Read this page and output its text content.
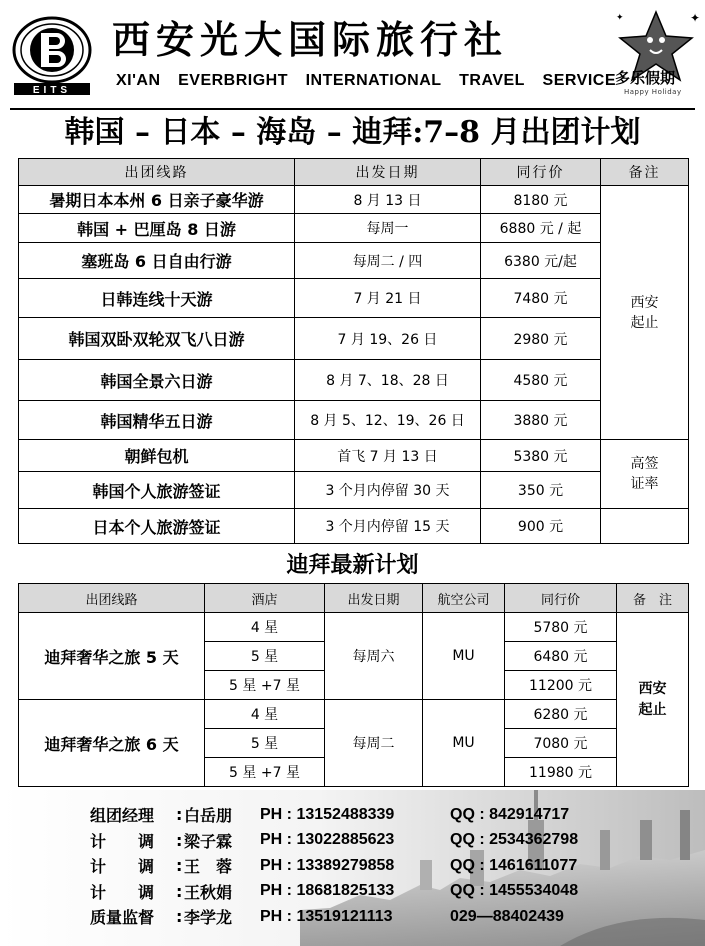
EITS
西安光大国际旅行社
XI'AN EVERBRIGHT INTERNATIONAL TRAVEL SERVICE
✦
✦
多乐假期
Happy Holiday
韩国 – 日本 – 海岛 – 迪拜:7–8 月出团计划
出团线路	出发日期	同行价	备注
暑期日本本州 6 日亲子豪华游	8 月 13 日	8180 元	西安起止

韩国 + 巴厘岛 8 日游	每周一	6880 元 / 起	
塞班岛 6 日自由行游	每周二 / 四	6380 元/起	
日韩连线十天游	7 月 21 日	7480 元	
韩国双卧双轮双飞八日游	7 月 19、26 日	2980 元	
韩国全景六日游	8 月 7、18、28 日	4580 元	
韩国精华五日游	8 月 5、12、19、26 日	3880 元	
朝鲜包机	首飞 7 月 13 日	5380 元	高签证率

韩国个人旅游签证	3 个月内停留 30 天	350 元	
日本个人旅游签证	3 个月内停留 15 天	900 元	
迪拜最新计划
出团线路	酒店	出发日期	航空公司	同行价	备　注
迪拜奢华之旅 5 天	4 星	每周六	MU	5780 元	西安起止

	5 星			6480 元	
	5 星 +7 星			11200 元	
迪拜奢华之旅 6 天	4 星	每周二	MU	6280 元	
	5 星			7080 元	
	5 星 +7 星			11980 元	
组团经理	: 白岳朋	PH : 13152488339	QQ : 842914717
计　　调	: 梁子霖	PH : 13022885623	QQ : 2534362798
计　　调	: 王　蓉	PH : 13389279858	QQ : 1461611077
计　　调	: 王秋娟	PH : 18681825133	QQ : 1455534048
质量监督	: 李学龙	PH : 13519121113	029—88402439
